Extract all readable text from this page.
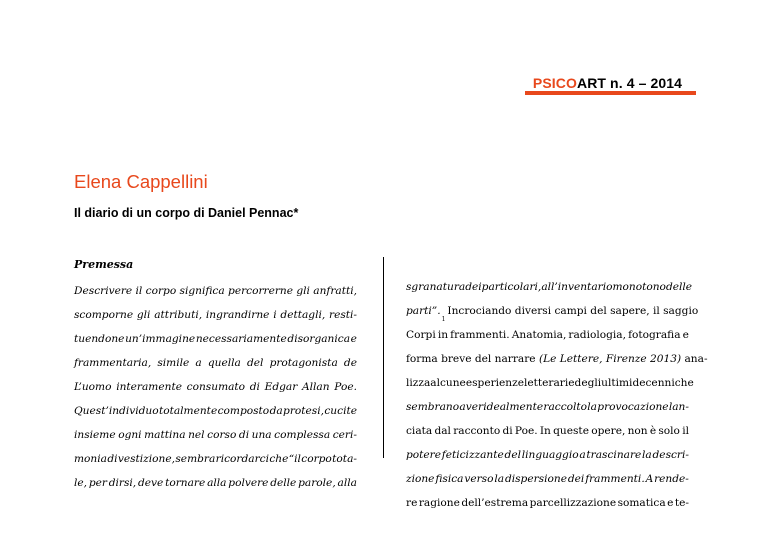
PSICOART n. 4 – 2014
Elena Cappellini
Il diario di un corpo di Daniel Pennac*
Premessa
Descrivere il corpo significa percorrerne gli anfratti,
scomporne gli attributi, ingrandirne i dettagli, resti-
tuendone un’immagine necessariamente disorganica e
frammentaria, simile a quella del protagonista de
L’uomo interamente consumato di Edgar Allan Poe.
Quest’individuo totalmente composto da protesi, cucite
insieme ogni mattina nel corso di una complessa ceri-
monia di vestizione, sembra ricordarci che “il corpo tota-
le, per dirsi, deve tornare alla polvere delle parole, alla
sgranatura dei particolari, all’inventario monotono delle
parti”.
$^1$
Incrociando diversi campi del sapere, il saggio
Corpi in frammenti. Anatomia, radiologia, fotografia e
forma breve del narrare
(Le Lettere, Firenze 2013)
ana-
lizza alcune esperienze letterarie degli ultimi decenni che
sembrano aver idealmente raccolto la provocazione lan-
ciata dal racconto di Poe. In queste opere, non è solo il
potere feticizzante del linguaggio a trascinare la descri-
zione fisica verso la dispersione dei frammenti. A rende-
re ragione dell’estrema parcellizzazione somatica e te-
